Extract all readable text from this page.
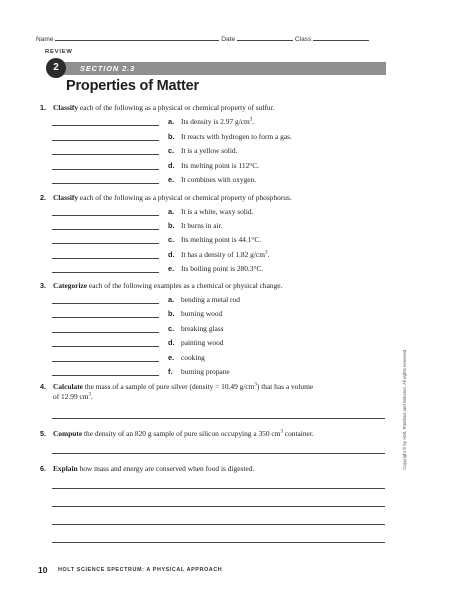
Name	Date	Class
REVIEW
2	SECTION 2.3
Properties of Matter
1. Classify each of the following as a physical or chemical property of sulfur.
a. Its density is 2.97 $g/cm^3$.
b. It reacts with hydrogen to form a gas.
c. It is a yellow solid.
d. Its melting point is 112°C.
e. It combines with oxygen.
2. Classify each of the following as a physical or chemical property of phosphorus.
a. It is a white, waxy solid.
b. It burns in air.
c. Its melting point is 44.1°C.
d. It has a density of 1.82 $g/cm^3$.
e. Its boiling point is 280.3°C.
3. Categorize each of the following examples as a chemical or physical change.
a. bending a metal rod
b. burning wood
c. breaking glass
d. painting wood
e. cooking
f. burning propane
4. Calculate the mass of a sample of pure silver (density = 10.49 $g/cm^3$) that has a volume
of 12.99 $cm^3$.
5. Compute the density of an 820 g sample of pure silicon occupying a 350 $cm^3$ container.
6. Explain how mass and energy are conserved when food is digested.	Copyright © by Holt, Rinehart and Winston. All rights reserved.
10 HOLT SCIENCE SPECTRUM: A PHYSICAL APPROACH
